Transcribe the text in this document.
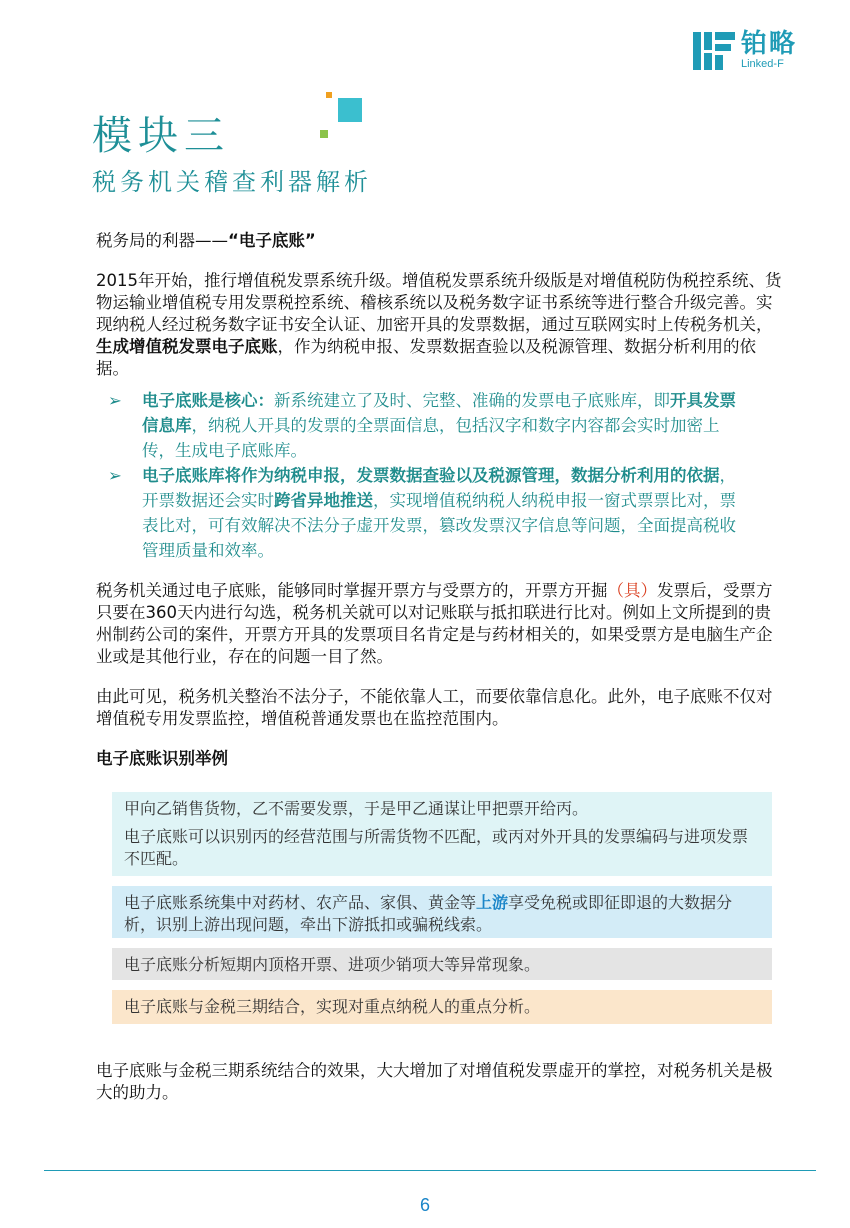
铂略
Linked-F
模块三
税务机关稽查利器解析
税务局的利器——“电子底账”
2015年开始，推行增值税发票系统升级。增值税发票系统升级版是对增值税防伪税控系统、货物运输业增值税专用发票税控系统、稽核系统以及税务数字证书系统等进行整合升级完善。实现纳税人经过税务数字证书安全认证、加密开具的发票数据，通过互联网实时上传税务机关，生成增值税发票电子底账，作为纳税申报、发票数据查验以及税源管理、数据分析利用的依据。
➢ 电子底账是核心：新系统建立了及时、完整、准确的发票电子底账库，即开具发票信息库，纳税人开具的发票的全票面信息，包括汉字和数字内容都会实时加密上传，生成电子底账库。
➢ 电子底账库将作为纳税申报，发票数据查验以及税源管理，数据分析利用的依据，开票数据还会实时跨省异地推送，实现增值税纳税人纳税申报一窗式票票比对，票表比对，可有效解决不法分子虚开发票，篡改发票汉字信息等问题，全面提高税收管理质量和效率。
税务机关通过电子底账，能够同时掌握开票方与受票方的，开票方开掘（具）发票后，受票方只要在360天内进行勾选，税务机关就可以对记账联与抵扣联进行比对。例如上文所提到的贵州制药公司的案件，开票方开具的发票项目名肯定是与药材相关的，如果受票方是电脑生产企业或是其他行业，存在的问题一目了然。
由此可见，税务机关整治不法分子，不能依靠人工，而要依靠信息化。此外，电子底账不仅对增值税专用发票监控，增值税普通发票也在监控范围内。
电子底账识别举例
甲向乙销售货物，乙不需要发票，于是甲乙通谋让甲把票开给丙。
电子底账可以识别丙的经营范围与所需货物不匹配，或丙对外开具的发票编码与进项发票不匹配。
电子底账系统集中对药材、农产品、家俱、黄金等上游享受免税或即征即退的大数据分析，识别上游出现问题，牵出下游抵扣或骗税线索。
电子底账分析短期内顶格开票、进项少销项大等异常现象。
电子底账与金税三期结合，实现对重点纳税人的重点分析。
电子底账与金税三期系统结合的效果，大大增加了对增值税发票虚开的掌控，对税务机关是极大的助力。
6
